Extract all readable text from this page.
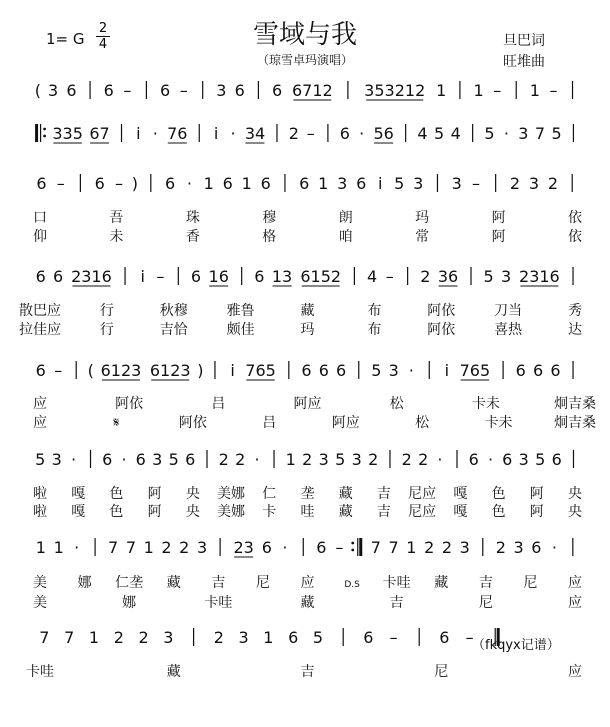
雪域与我
（琼雪卓玛演唱）
1= G
2
4	旦巴词
旺堆曲
（fkqyx记谱）
( 3 6 6 – 6 – 3 6 6 6712 353212 1 1 – 1 –
335 67 i · 76 i · 34 2 – 6 · 56 4 5 4 5 · 3 7 5
6 – 6 – ) 6 · 1 6 1 6 6 1 3 6 i 5 3 3 – 2 3 2
口	吾	珠	穆	朗	玛	阿	依
仰	未	香	格	咱	常	阿	依
6 6 2316 i – 6 16 6 13 6152 4 – 2 36 5 3 2316
散巴应	行	秋穆	雅鲁	藏	布	阿依	刀当	秀
拉佳应	行	吉恰	颇佳	玛	布	阿依	喜热	达
6 – ( 6123 6123 ) i 765 6 6 6 5 3 · i 765 6 6 6
应	阿依	吕	阿应	松	卡未	炯吉桑
应	𝄋	阿依	吕	阿应	松	卡未	炯吉桑
5 3 · 6 · 6 3 5 6 2 2 · 1 2 3 5 3 2 2 2 · 6 · 6 3 5 6
啦 嘎 色 阿 央 美娜 仁 垄 藏 吉 尼应 嘎 色 阿 央
啦 嘎 色 阿 央 美娜 卡 哇 藏 吉 尼应 嘎 色 阿 央
1 1 · 7 7 1 2 2 3 23 6 · 6 – 7 7 1 2 2 3 2 3 6 ·
美 娜 仁垄 藏 吉 尼 应	D.S 卡哇 藏 吉 尼 应
美	娜	卡哇	藏	吉	尼	应
7 7 1 2 2 3	2 3 1 6 5	6 –	6 –
卡哇	藏	吉	尼	应
